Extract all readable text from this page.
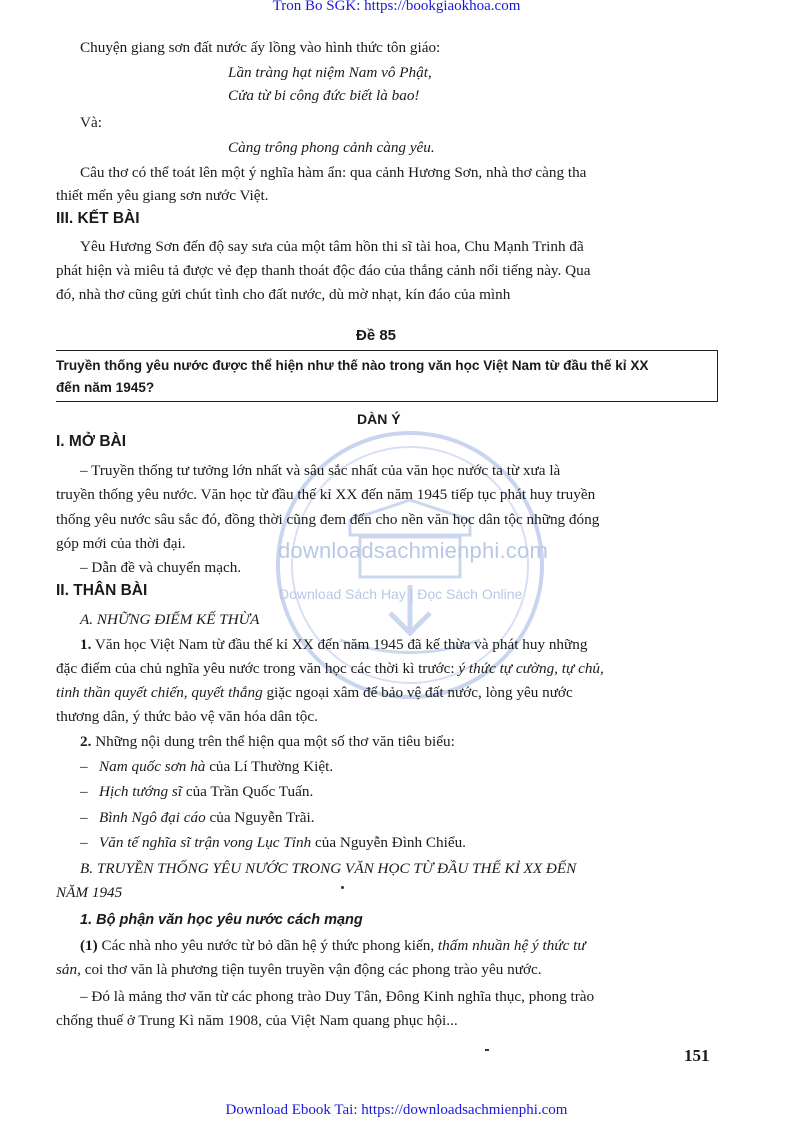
Tron Bo SGK: https://bookgiaokhoa.com
downloadsachmienphi.com
Download Sách Hay | Đọc Sách Online
Chuyện giang sơn đất nước ấy lồng vào hình thức tôn giáo:
Lần tràng hạt niệm Nam vô Phật,
Cửa từ bi công đức biết là bao!
Và:
Càng trông phong cảnh càng yêu.
Câu thơ có thể toát lên một ý nghĩa hàm ẩn: qua cảnh Hương Sơn, nhà thơ càng tha
thiết mến yêu giang sơn nước Việt.
III. KẾT BÀI
Yêu Hương Sơn đến độ say sưa của một tâm hồn thi sĩ tài hoa, Chu Mạnh Trinh đã
phát hiện và miêu tả được vẻ đẹp thanh thoát độc đáo của thắng cảnh nổi tiếng này. Qua
đó, nhà thơ cũng gửi chút tình cho đất nước, dù mờ nhạt, kín đáo của mình
Đề 85
Truyền thống yêu nước được thể hiện như thế nào trong văn học Việt Nam từ đầu thế kỉ XX
đến năm 1945?
DÀN Ý
I. MỞ BÀI
– Truyền thống tư tưởng lớn nhất và sâu sắc nhất của văn học nước ta từ xưa là
truyền thống yêu nước. Văn học từ đầu thế kỉ XX đến năm 1945 tiếp tục phát huy truyền
thống yêu nước sâu sắc đó, đồng thời cũng đem đến cho nền văn học dân tộc những đóng
góp mới của thời đại.
– Dẫn đề và chuyển mạch.
II. THÂN BÀI
A. NHỮNG ĐIỂM KẾ THỪA
1. Văn học Việt Nam từ đầu thế kỉ XX đến năm 1945 đã kế thừa và phát huy những
đặc điểm của chủ nghĩa yêu nước trong văn học các thời kì trước: ý thức tự cường, tự chủ,
tinh thần quyết chiến, quyết thắng giặc ngoại xâm để bảo vệ đất nước, lòng yêu nước
thương dân, ý thức bảo vệ văn hóa dân tộc.
2. Những nội dung trên thể hiện qua một số thơ văn tiêu biểu:
–   Nam quốc sơn hà của Lí Thường Kiệt.
–   Hịch tướng sĩ của Trần Quốc Tuấn.
–   Bình Ngô đại cáo của Nguyễn Trãi.
–   Văn tế nghĩa sĩ trận vong Lục Tỉnh của Nguyễn Đình Chiểu.
B. TRUYỀN THỐNG YÊU NƯỚC TRONG VĂN HỌC TỪ ĐẦU THẾ KỈ XX ĐẾN
NĂM 1945
1. Bộ phận văn học yêu nước cách mạng
(1) Các nhà nho yêu nước từ bỏ dần hệ ý thức phong kiến, thấm nhuần hệ ý thức tư
sản, coi thơ văn là phương tiện tuyên truyền vận động các phong trào yêu nước.
– Đó là mảng thơ văn từ các phong trào Duy Tân, Đông Kinh nghĩa thục, phong trào
chống thuế ở Trung Kì năm 1908, của Việt Nam quang phục hội...
151
Download Ebook Tai: https://downloadsachmienphi.com
